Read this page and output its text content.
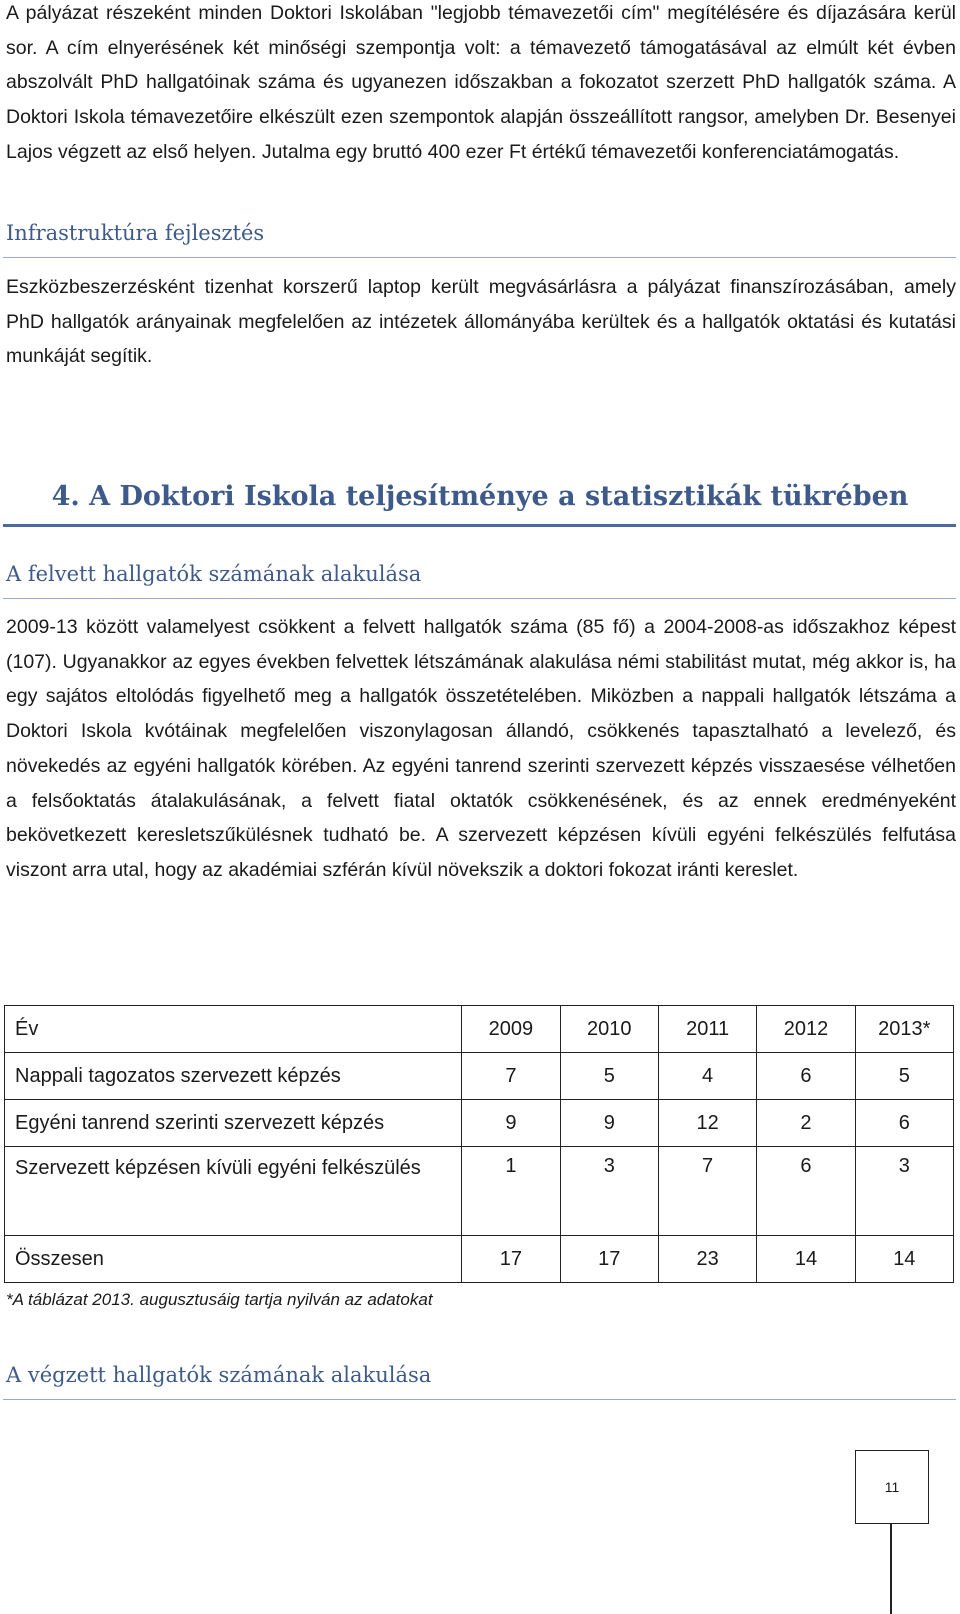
A pályázat részeként minden Doktori Iskolában "legjobb témavezetői cím" megítélésére és díjazására kerül sor. A cím elnyerésének két minőségi szempontja volt: a témavezető támogatásával az elmúlt két évben abszolvált PhD hallgatóinak száma és ugyanezen időszakban a fokozatot szerzett PhD hallgatók száma. A Doktori Iskola témavezetőire elkészült ezen szempontok alapján összeállított rangsor, amelyben Dr. Besenyei Lajos végzett az első helyen. Jutalma egy bruttó 400 ezer Ft értékű témavezetői konferenciatámogatás.

Infrastruktúra fejlesztés

Eszközbeszerzésként tizenhat korszerű laptop került megvásárlásra a pályázat finanszírozásában, amely PhD hallgatók arányainak megfelelően az intézetek állományába kerültek és a hallgatók oktatási és kutatási munkáját segítik.

4. A Doktori Iskola teljesítménye a statisztikák tükrében
A felvett hallgatók számának alakulása

2009-13 között valamelyest csökkent a felvett hallgatók száma (85 fő) a 2004-2008-as időszakhoz képest (107). Ugyanakkor az egyes években felvettek létszámának alakulása némi stabilitást mutat, még akkor is, ha egy sajátos eltolódás figyelhető meg a hallgatók összetételében. Miközben a nappali hallgatók létszáma a Doktori Iskola kvótáinak megfelelően viszonylagosan állandó, csökkenés tapasztalható a levelező, és növekedés az egyéni hallgatók körében. Az egyéni tanrend szerinti szervezett képzés visszaesése vélhetően a felsőoktatás átalakulásának, a felvett fiatal oktatók csökkenésének, és az ennek eredményeként bekövetkezett keresletszűkülésnek tudható be. A szervezett képzésen kívüli egyéni felkészülés felfutása viszont arra utal, hogy az akadémiai szférán kívül növekszik a doktori fokozat iránti kereslet.

Év	2009	2010	2011	2012	2013*
Nappali tagozatos szervezett képzés	7	5	4	6	5
Egyéni tanrend szerinti szervezett képzés	9	9	12	2	6
Szervezett képzésen kívüli egyéni felkészülés	1	3	7	6	3
Összesen	17	17	23	14	14

*A táblázat 2013. augusztusáig tartja nyilván az adatokat

A végzett hallgatók számának alakulása
11
